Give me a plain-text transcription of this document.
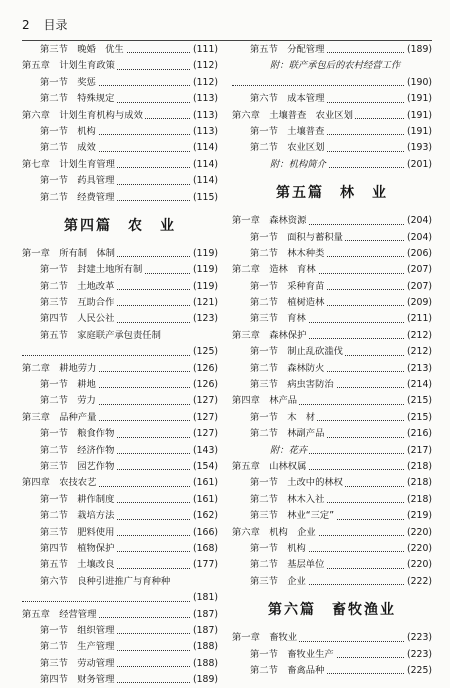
2 目录
第三节　晚婚　优生	(111)
第五章　计划生育政策	(112)
第一节　奖惩	(112)
第二节　特殊规定	(113)
第六章　计划生育机构与成效	(113)
第一节　机构	(113)
第二节　成效	(114)
第七章　计划生育管理	(114)
第一节　药具管理	(114)
第二节　经费管理	(115)
第四篇　农　业
第一章　所有制　体制	(119)
第一节　封建土地所有制	(119)
第二节　土地改革	(119)
第三节　互助合作	(121)
第四节　人民公社	(123)
第五节　家庭联产承包责任制
(125)
第二章　耕地劳力	(126)
第一节　耕地	(126)
第二节　劳力	(127)
第三章　品种产量	(127)
第一节　粮食作物	(127)
第二节　经济作物	(143)
第三节　园艺作物	(154)
第四章　农技农艺	(161)
第一节　耕作制度	(161)
第二节　栽培方法	(162)
第三节　肥料使用	(166)
第四节　植物保护	(168)
第五节　土壤改良	(177)
第六节　良种引进推广与育种种
(181)
第五章　经营管理	(187)
第一节　组织管理	(187)
第二节　生产管理	(188)
第三节　劳动管理	(188)
第四节　财务管理	(189)
第五节　分配管理	(189)
附：联产承包后的农村经营工作
(190)
第六节　成本管理	(191)
第六章　土壤普查　农业区划	(191)
第一节　土壤普查	(191)
第二节　农业区划	(193)
附：机构简介	(201)
第五篇　林　业
第一章　森林资源	(204)
第一节　面积与蓄积量	(204)
第二节　林木种类	(206)
第二章　造林　育林	(207)
第一节　采种育苗	(207)
第二节　植树造林	(209)
第三节　育林	(211)
第三章　森林保护	(212)
第一节　制止乱砍滥伐	(212)
第二节　森林防火	(213)
第三节　病虫害防治	(214)
第四章　林产品	(215)
第一节　木　材	(215)
第二节　林副产品	(216)
附：花卉	(217)
第五章　山林权属	(218)
第一节　土改中的林权	(218)
第二节　林木入社	(218)
第三节　林业“三定”	(219)
第六章　机构　企业	(220)
第一节　机构	(220)
第二节　基层单位	(220)
第三节　企业	(222)
第六篇　畜牧渔业
第一章　畜牧业	(223)
第一节　畜牧业生产	(223)
第二节　畜禽品种	(225)
